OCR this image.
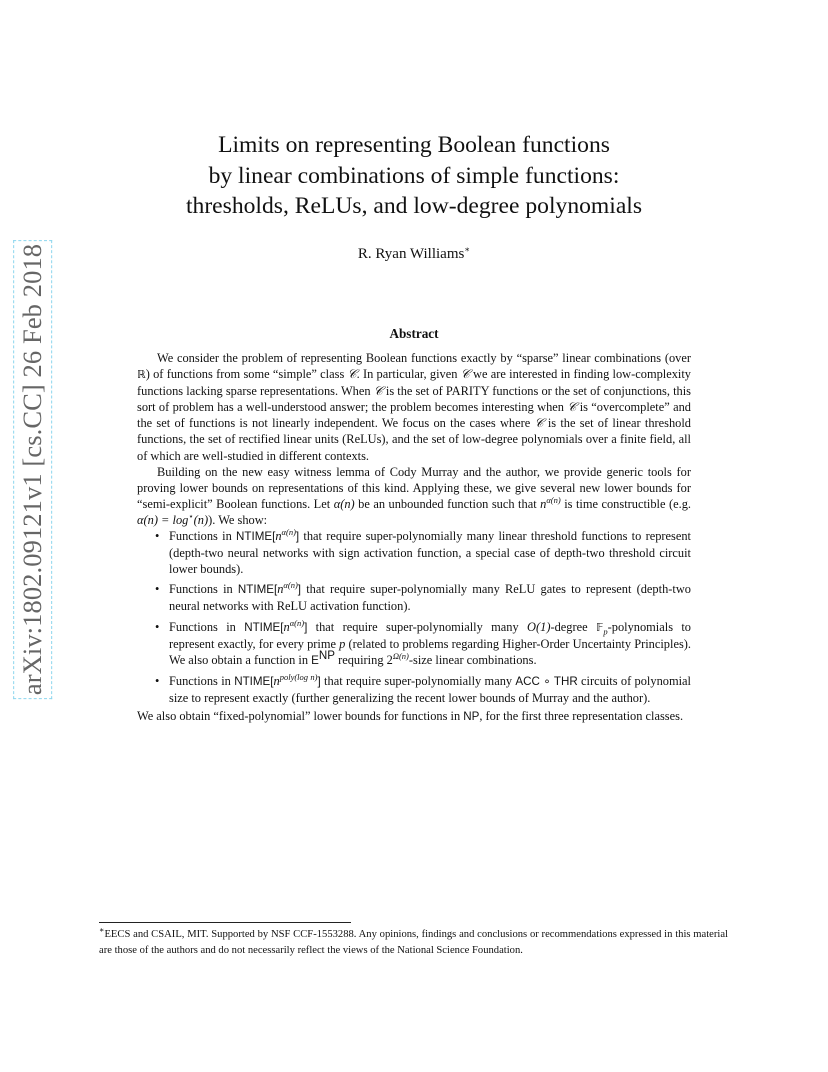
arXiv:1802.09121v1 [cs.CC] 26 Feb 2018
Limits on representing Boolean functions
by linear combinations of simple functions:
thresholds, ReLUs, and low-degree polynomials
R. Ryan Williams∗
Abstract

We consider the problem of representing Boolean functions exactly by “sparse” linear combinations (over ℝ) of functions from some “simple” class 𝒞. In particular, given 𝒞 we are interested in finding low-complexity functions lacking sparse representations. When 𝒞 is the set of PARITY functions or the set of conjunctions, this sort of problem has a well-understood answer; the problem becomes interesting when 𝒞 is “overcomplete” and the set of functions is not linearly independent. We focus on the cases where 𝒞 is the set of linear threshold functions, the set of rectified linear units (ReLUs), and the set of low-degree polynomials over a finite field, all of which are well-studied in different contexts.

Building on the new easy witness lemma of Cody Murray and the author, we provide generic tools for proving lower bounds on representations of this kind. Applying these, we give several new lower bounds for “semi-explicit” Boolean functions. Let α(n) be an unbounded function such that $n^{\alpha(n)}$ is time constructible (e.g. α(n) = log⋆(n)). We show:

• Functions in $NTIME[n^{\alpha(n)}]$ that require super-polynomially many linear threshold functions to represent (depth-two neural networks with sign activation function, a special case of depth-two threshold circuit lower bounds).
• Functions in $NTIME[n^{\alpha(n)}]$ that require super-polynomially many ReLU gates to represent (depth-two neural networks with ReLU activation function).
• Functions in $NTIME[n^{\alpha(n)}]$ that require super-polynomially many O(1)-degree 𝔽$_p$-polynomials to represent exactly, for every prime p (related to problems regarding Higher-Order Uncertainty Principles). We also obtain a function in $E^{NP}$ requiring $2^{\Omega(n)}$-size linear combinations.
• Functions in $NTIME[n^{poly(log n)}]$ that require super-polynomially many ACC ∘ THR circuits of polynomial size to represent exactly (further generalizing the recent lower bounds of Murray and the author).

We also obtain “fixed-polynomial” lower bounds for functions in NP, for the first three representation classes.

∗EECS and CSAIL, MIT. Supported by NSF CCF-1553288. Any opinions, findings and conclusions or recommendations expressed in this material are those of the authors and do not necessarily reflect the views of the National Science Foundation.
